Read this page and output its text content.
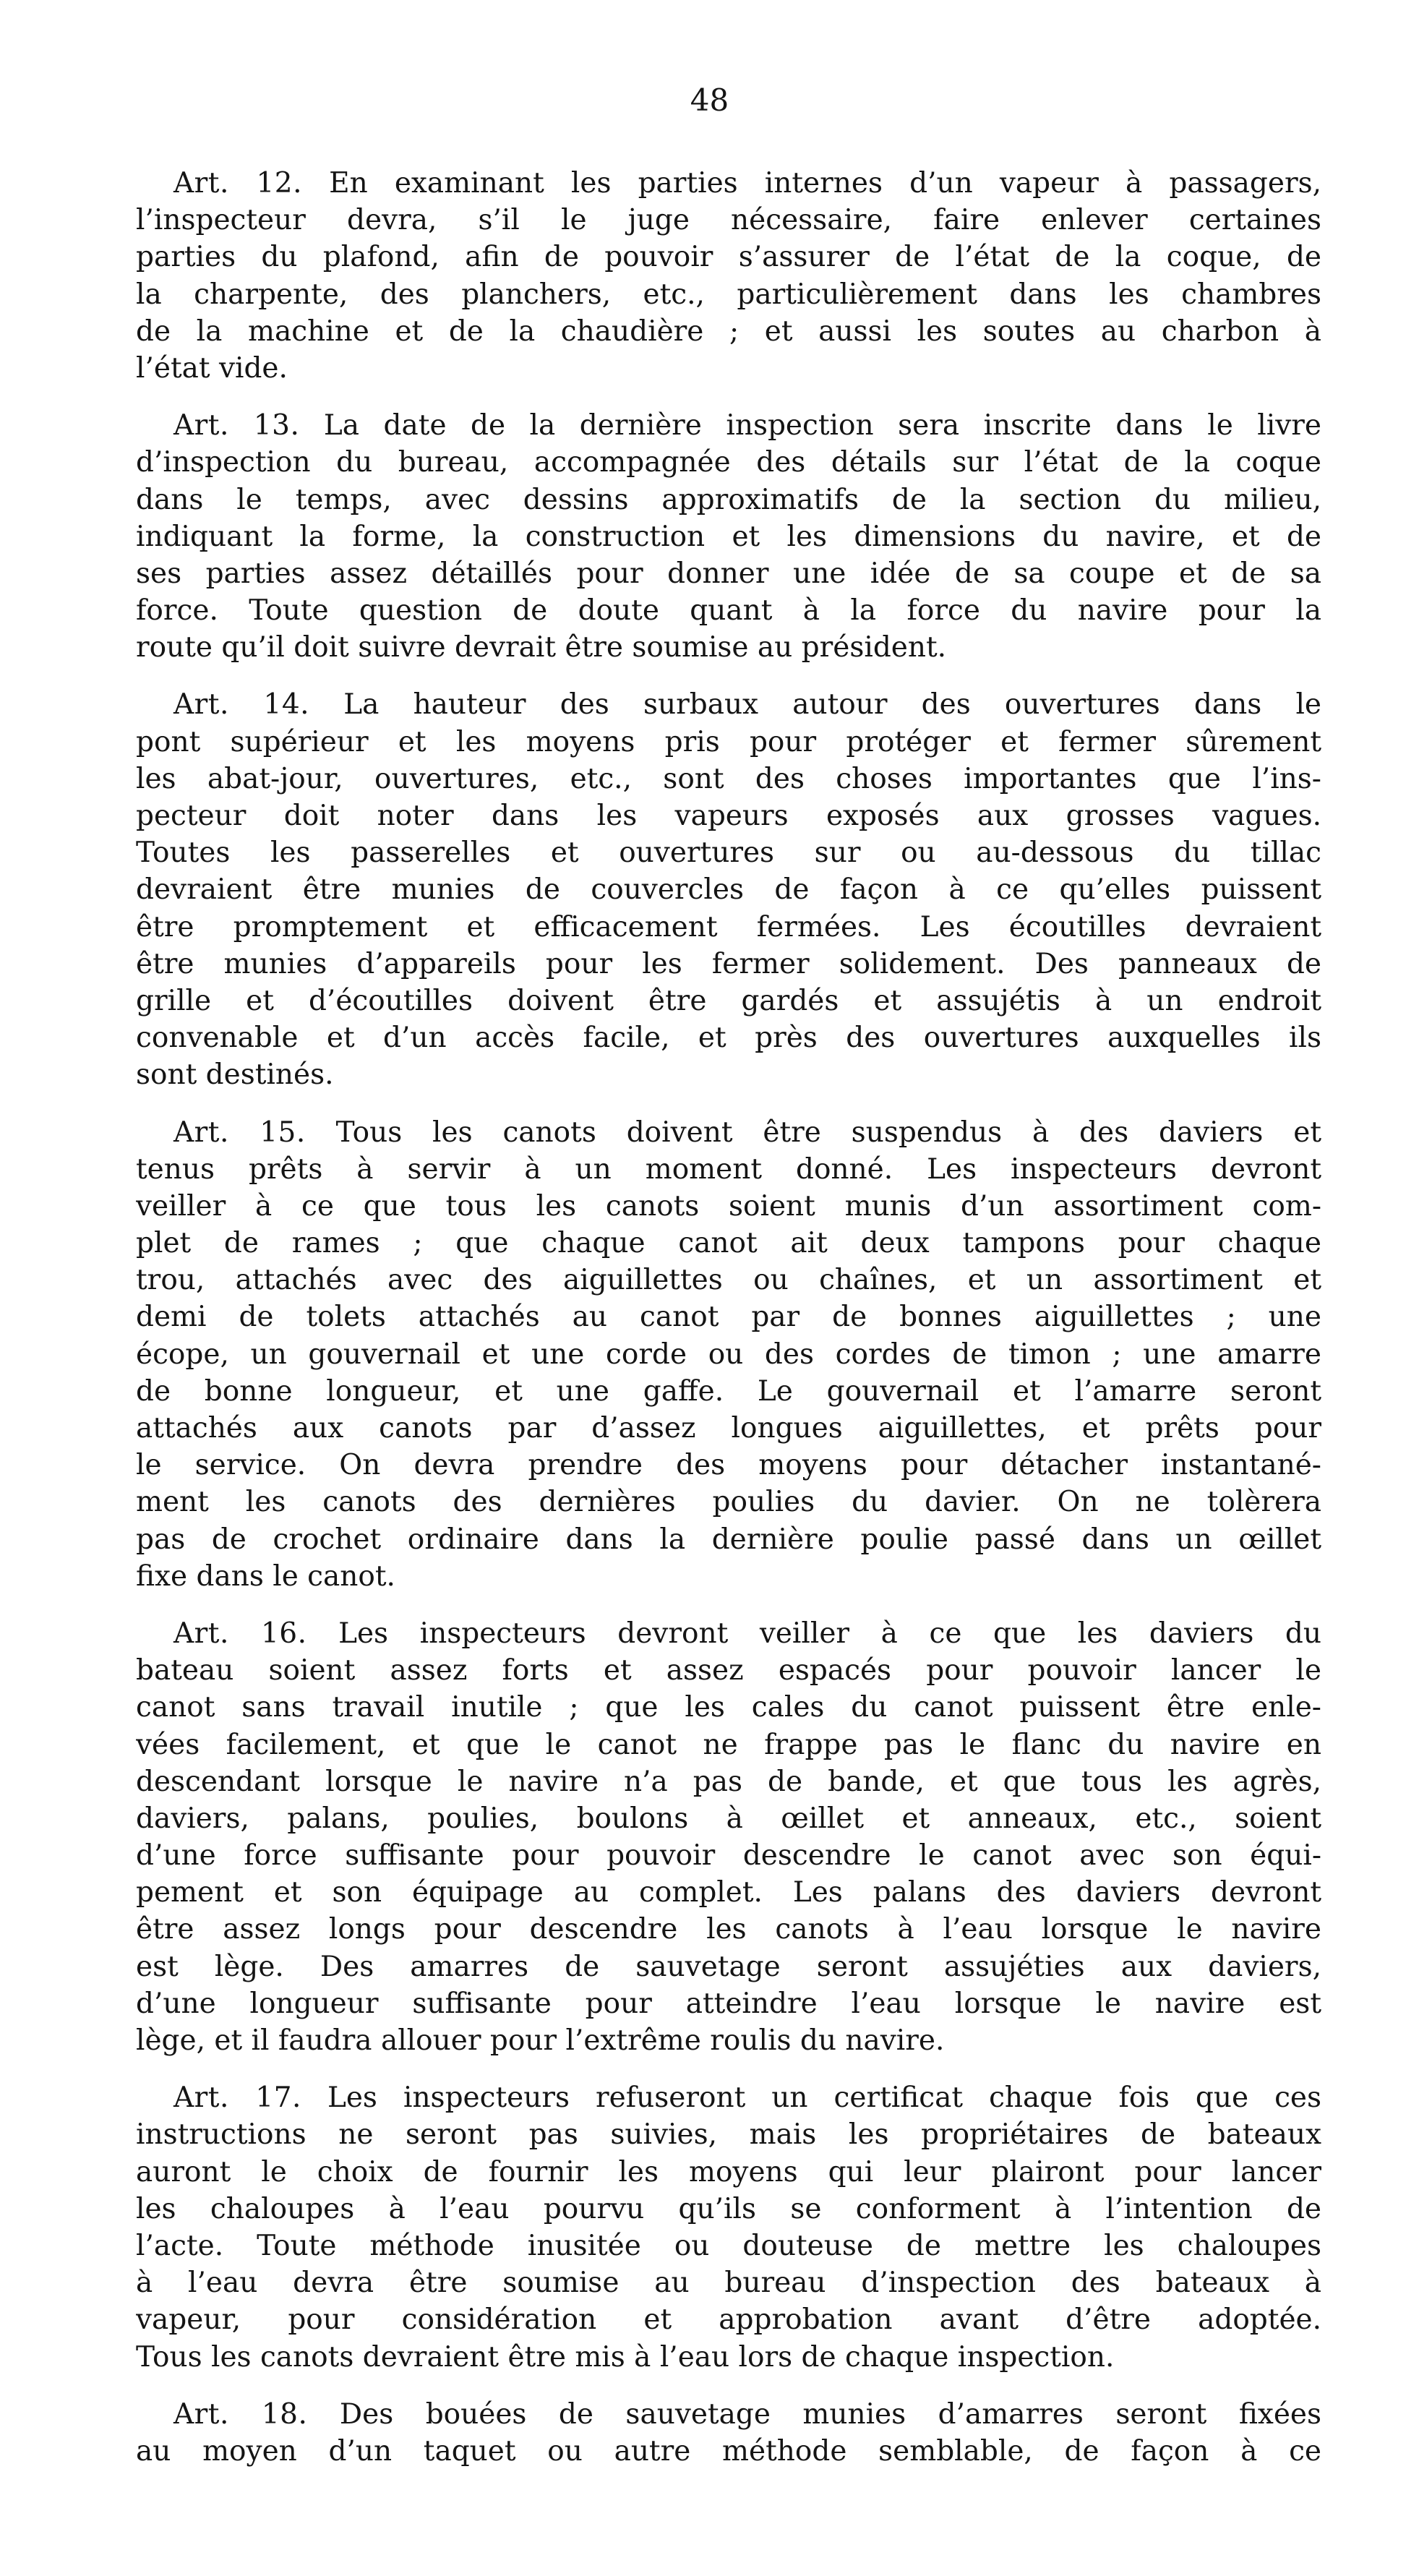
48
Art. 12. En examinant les parties internes d’un vapeur à passagers,
l’inspecteur devra, s’il le juge nécessaire, faire enlever certaines
parties du plafond, afin de pouvoir s’assurer de l’état de la coque, de
la charpente, des planchers, etc., particulièrement dans les chambres
de la machine et de la chaudière ; et aussi les soutes au charbon à
l’état vide.
Art. 13. La date de la dernière inspection sera inscrite dans le livre
d’inspection du bureau, accompagnée des détails sur l’état de la coque
dans le temps, avec dessins approximatifs de la section du milieu,
indiquant la forme, la construction et les dimensions du navire, et de
ses parties assez détaillés pour donner une idée de sa coupe et de sa
force. Toute question de doute quant à la force du navire pour la
route qu’il doit suivre devrait être soumise au président.
Art. 14. La hauteur des surbaux autour des ouvertures dans le
pont supérieur et les moyens pris pour protéger et fermer sûrement
les abat-jour, ouvertures, etc., sont des choses importantes que l’ins-
pecteur doit noter dans les vapeurs exposés aux grosses vagues.
Toutes les passerelles et ouvertures sur ou au-dessous du tillac
devraient être munies de couvercles de façon à ce qu’elles puissent
être promptement et efficacement fermées. Les écoutilles devraient
être munies d’appareils pour les fermer solidement. Des panneaux de
grille et d’écoutilles doivent être gardés et assujétis à un endroit
convenable et d’un accès facile, et près des ouvertures auxquelles ils
sont destinés.
Art. 15. Tous les canots doivent être suspendus à des daviers et
tenus prêts à servir à un moment donné. Les inspecteurs devront
veiller à ce que tous les canots soient munis d’un assortiment com-
plet de rames ; que chaque canot ait deux tampons pour chaque
trou, attachés avec des aiguillettes ou chaînes, et un assortiment et
demi de tolets attachés au canot par de bonnes aiguillettes ; une
écope, un gouvernail et une corde ou des cordes de timon ; une amarre
de bonne longueur, et une gaffe. Le gouvernail et l’amarre seront
attachés aux canots par d’assez longues aiguillettes, et prêts pour
le service. On devra prendre des moyens pour détacher instantané-
ment les canots des dernières poulies du davier. On ne tolèrera
pas de crochet ordinaire dans la dernière poulie passé dans un œillet
fixe dans le canot.
Art. 16. Les inspecteurs devront veiller à ce que les daviers du
bateau soient assez forts et assez espacés pour pouvoir lancer le
canot sans travail inutile ; que les cales du canot puissent être enle-
vées facilement, et que le canot ne frappe pas le flanc du navire en
descendant lorsque le navire n’a pas de bande, et que tous les agrès,
daviers, palans, poulies, boulons à œillet et anneaux, etc., soient
d’une force suffisante pour pouvoir descendre le canot avec son équi-
pement et son équipage au complet. Les palans des daviers devront
être assez longs pour descendre les canots à l’eau lorsque le navire
est lège. Des amarres de sauvetage seront assujéties aux daviers,
d’une longueur suffisante pour atteindre l’eau lorsque le navire est
lège, et il faudra allouer pour l’extrême roulis du navire.
Art. 17. Les inspecteurs refuseront un certificat chaque fois que ces
instructions ne seront pas suivies, mais les propriétaires de bateaux
auront le choix de fournir les moyens qui leur plairont pour lancer
les chaloupes à l’eau pourvu qu’ils se conforment à l’intention de
l’acte. Toute méthode inusitée ou douteuse de mettre les chaloupes
à l’eau devra être soumise au bureau d’inspection des bateaux à
vapeur, pour considération et approbation avant d’être adoptée.
Tous les canots devraient être mis à l’eau lors de chaque inspection.
Art. 18. Des bouées de sauvetage munies d’amarres seront fixées
au moyen d’un taquet ou autre méthode semblable, de façon à ce
